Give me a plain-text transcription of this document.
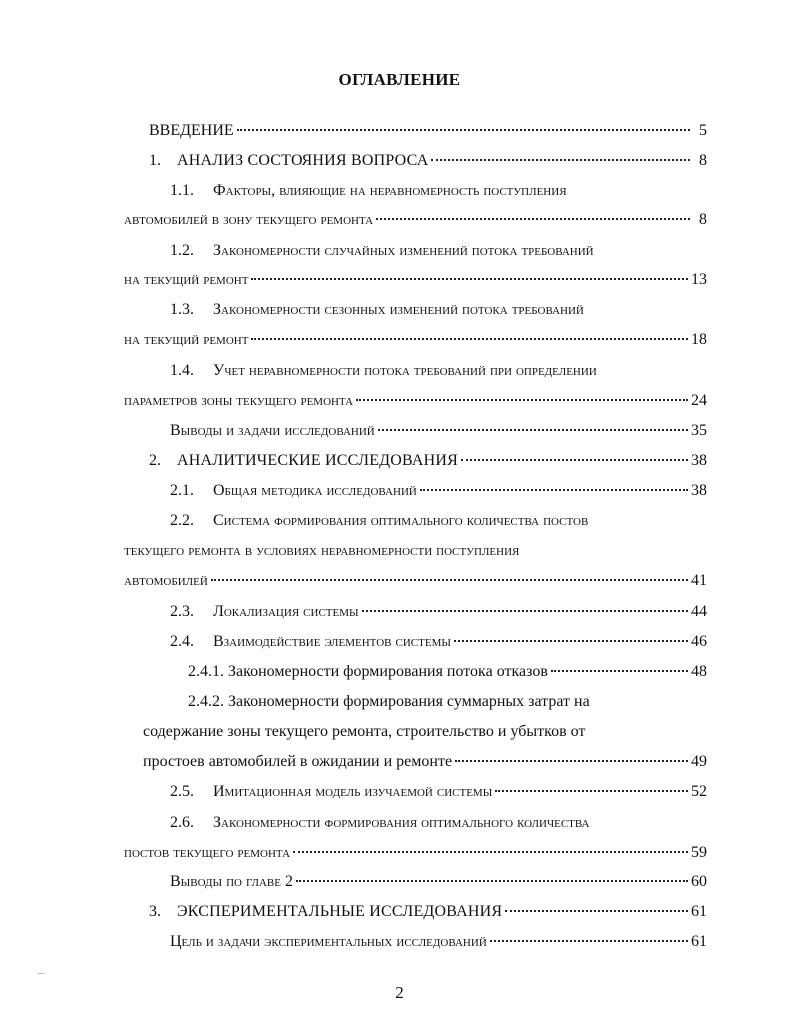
ОГЛАВЛЕНИЕ
ВВЕДЕНИЕ	5
1.	АНАЛИЗ СОСТОЯНИЯ ВОПРОСА	8
1.1.	Факторы, влияющие на неравномерность поступления
автомобилей в зону текущего ремонта	8
1.2.	Закономерности случайных изменений потока требований
на текущий ремонт	13
1.3.	Закономерности сезонных изменений потока требований
на текущий ремонт	18
1.4.	Учет неравномерности потока требований при определении
параметров зоны текущего ремонта	24
Выводы и задачи исследований	35
2.	АНАЛИТИЧЕСКИЕ ИССЛЕДОВАНИЯ	38
2.1.	Общая методика исследований	38
2.2.	Система формирования оптимального количества постов
текущего ремонта в условиях неравномерности поступления
автомобилей	41
2.3.	Локализация системы	44
2.4.	Взаимодействие элементов системы	46
2.4.1. Закономерности формирования потока отказов	48
2.4.2. Закономерности формирования суммарных затрат на
содержание зоны текущего ремонта, строительство и убытков от
простоев автомобилей в ожидании и ремонте	49
2.5.	Имитационная модель изучаемой системы	52
2.6.	Закономерности формирования оптимального количества
постов текущего ремонта	59
Выводы по главе 2	60
3.	ЭКСПЕРИМЕНТАЛЬНЫЕ ИССЛЕДОВАНИЯ	61
Цель и задачи экспериментальных исследований	61
2
